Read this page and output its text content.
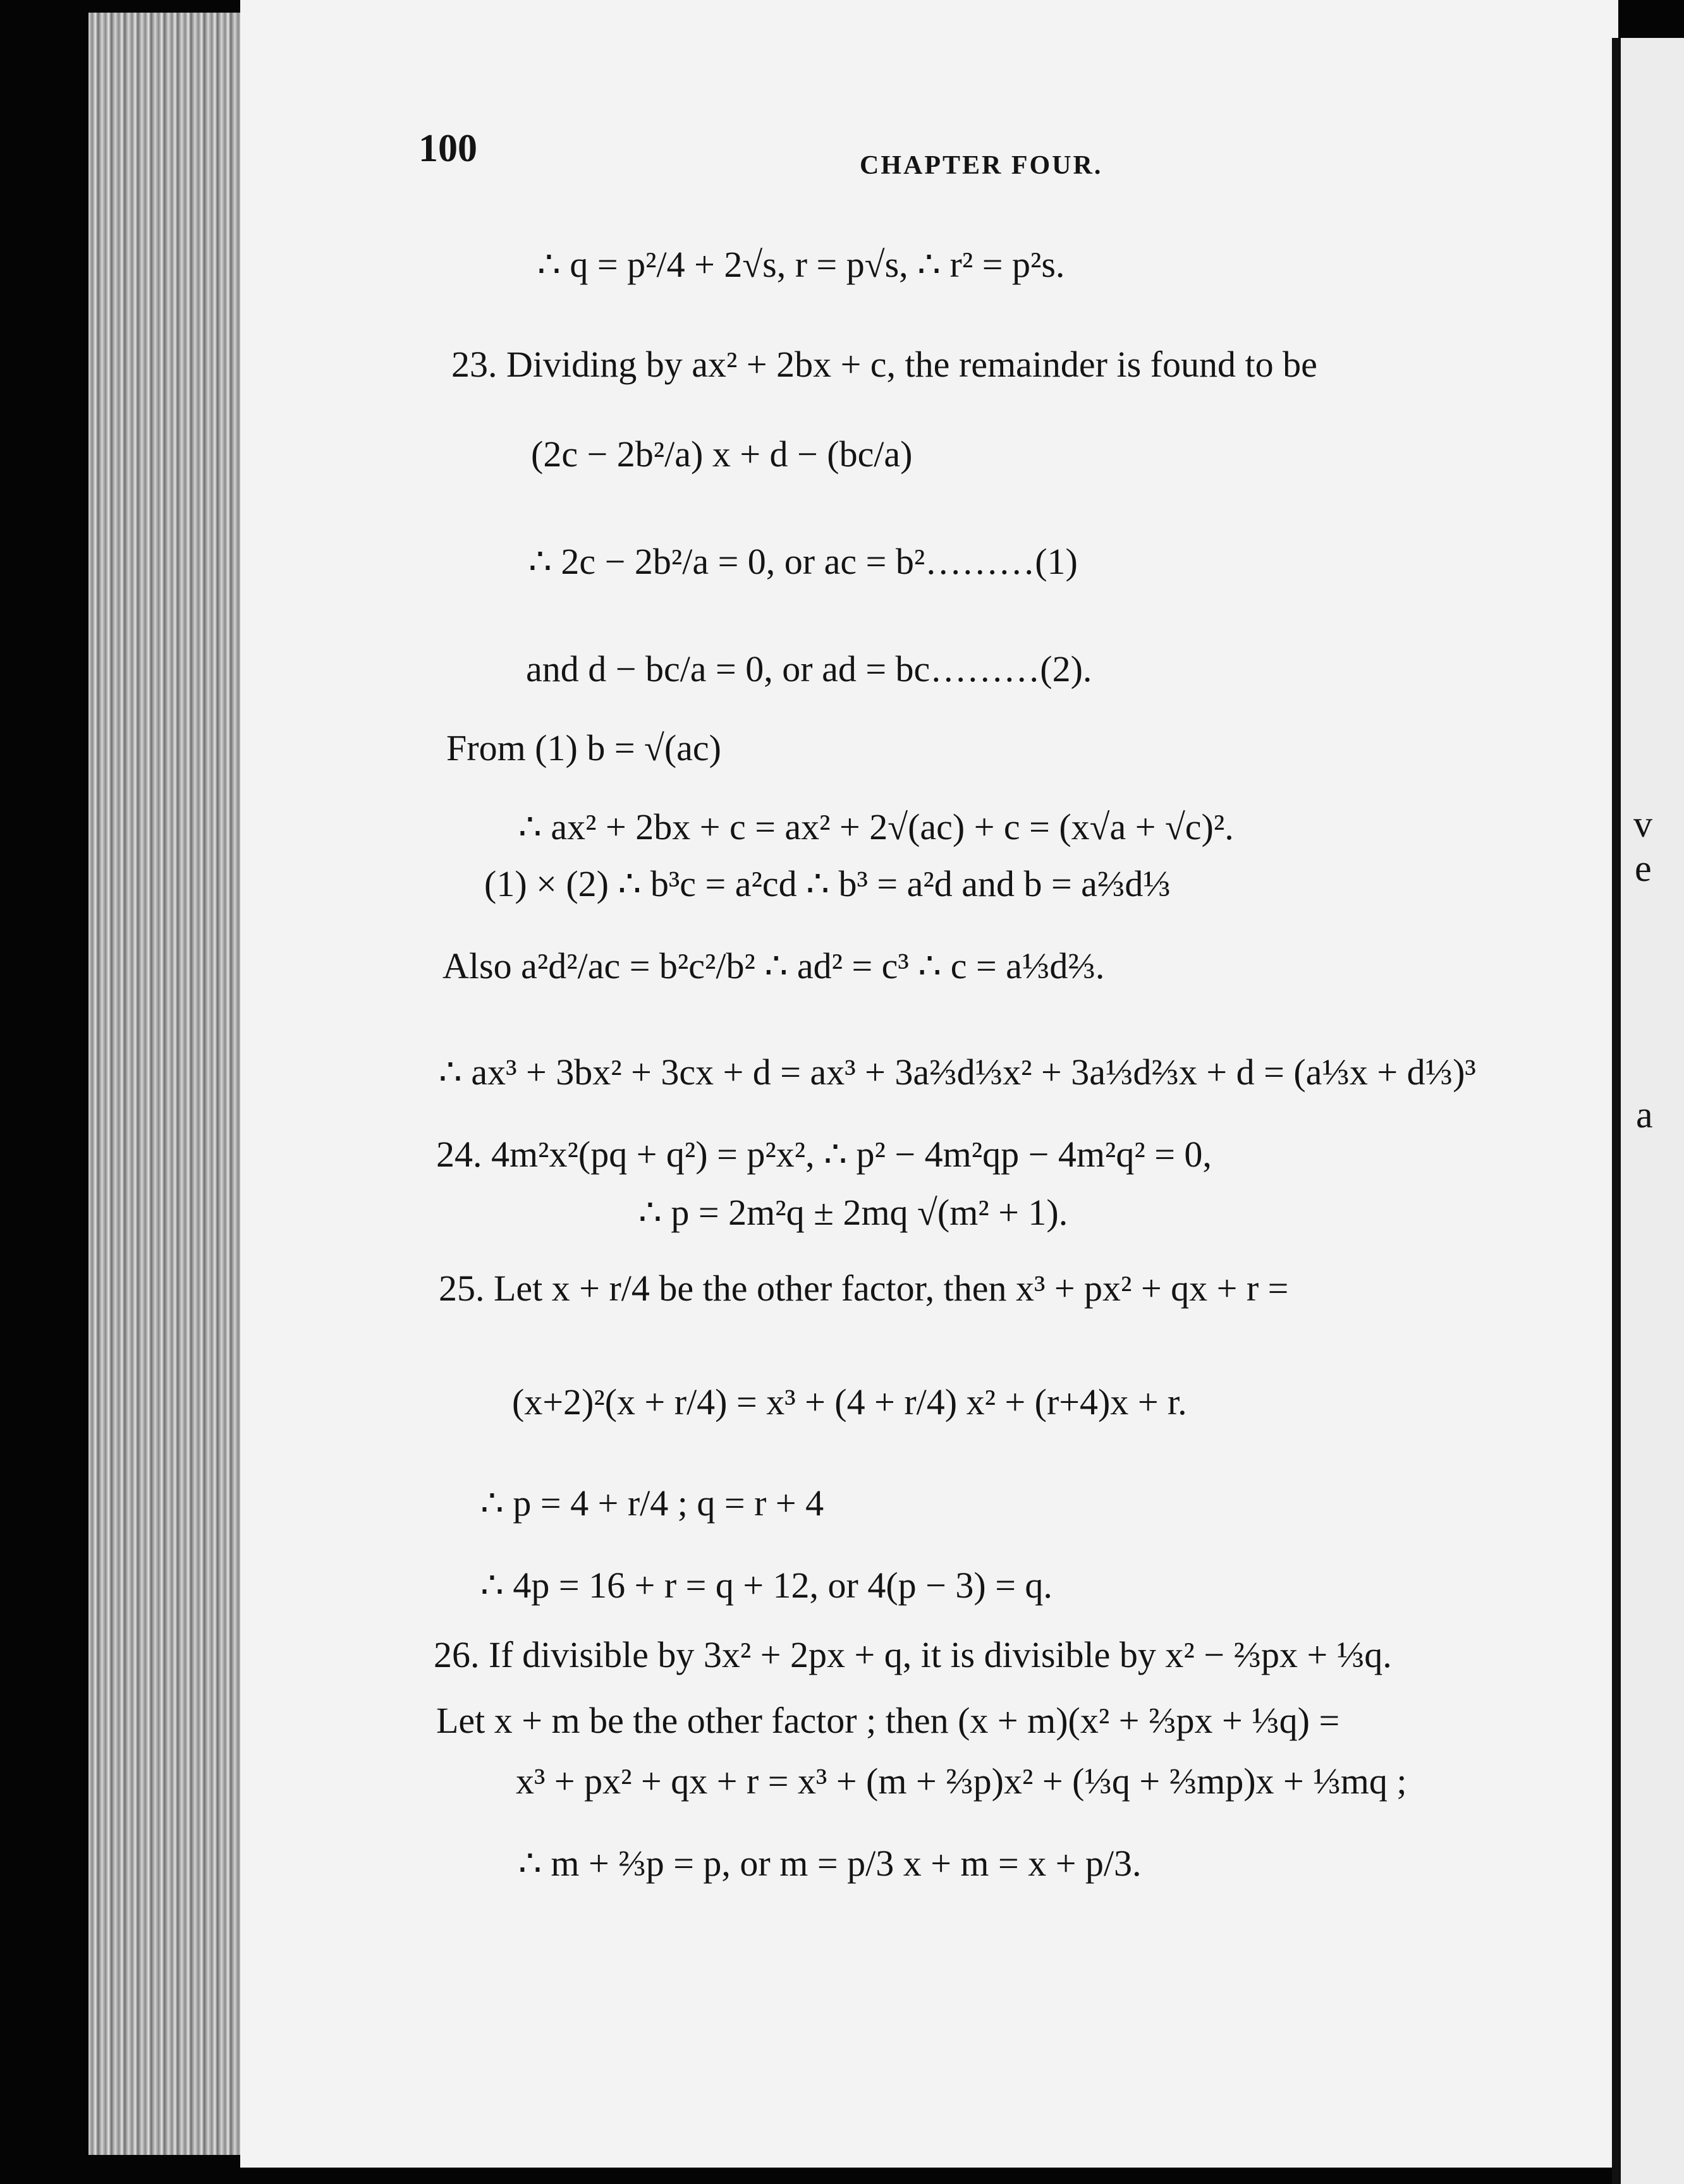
v
e
a
100	CHAPTER FOUR.
∴ q = p²/4 + 2√s, r = p√s, ∴ r² = p²s.
23. Dividing by ax² + 2bx + c, the remainder is found to be
(2c − 2b²/a) x + d − (bc/a)
∴ 2c − 2b²/a = 0, or ac = b²………(1)
and d − bc/a = 0, or ad = bc………(2).
From (1) b = √(ac)
∴ ax² + 2bx + c = ax² + 2√(ac) + c = (x√a + √c)².
(1) × (2) ∴ b³c = a²cd ∴ b³ = a²d and b = a⅔d⅓
Also a²d²/ac = b²c²/b² ∴ ad² = c³ ∴ c = a⅓d⅔.
∴ ax³ + 3bx² + 3cx + d = ax³ + 3a⅔d⅓x² + 3a⅓d⅔x + d = (a⅓x + d⅓)³
24. 4m²x²(pq + q²) = p²x², ∴ p² − 4m²qp − 4m²q² = 0,
∴ p = 2m²q ± 2mq √(m² + 1).
25. Let x + r/4 be the other factor, then x³ + px² + qx + r =
(x+2)²(x + r/4) = x³ + (4 + r/4) x² + (r+4)x + r.
∴ p = 4 + r/4 ; q = r + 4
∴ 4p = 16 + r = q + 12, or 4(p − 3) = q.
26. If divisible by 3x² + 2px + q, it is divisible by x² − ⅔px + ⅓q.
Let x + m be the other factor ; then (x + m)(x² + ⅔px + ⅓q) =
x³ + px² + qx + r = x³ + (m + ⅔p)x² + (⅓q + ⅔mp)x + ⅓mq ;
∴ m + ⅔p = p, or m = p/3 x + m = x + p/3.
